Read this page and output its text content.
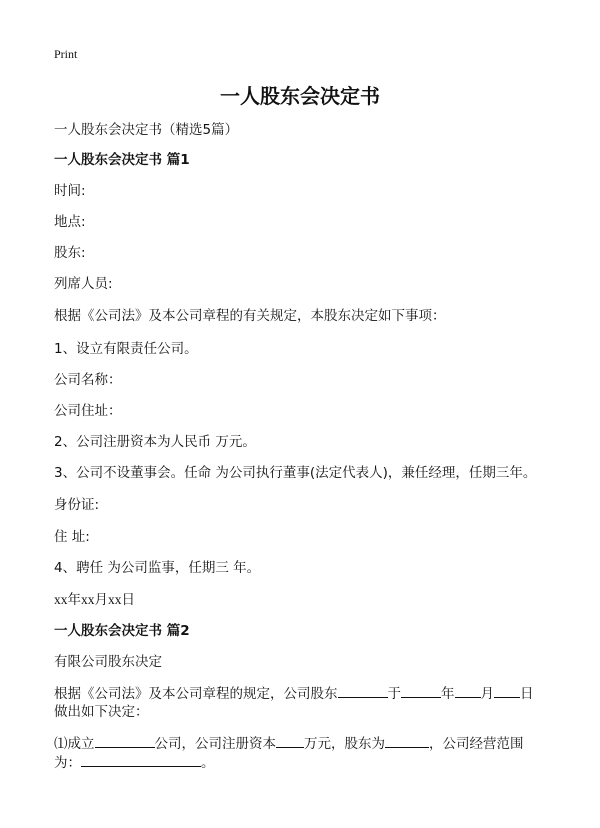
Print
一人股东会决定书
一人股东会决定书（精选5篇）
一人股东会决定书 篇1
时间:
地点:
股东:
列席人员:
根据《公司法》及本公司章程的有关规定，本股东决定如下事项：
1、设立有限责任公司。
公司名称：
公司住址：
2、公司注册资本为人民币 万元。
3、公司不设董事会。任命 为公司执行董事(法定代表人)，兼任经理，任期三年。
身份证:
住 址:
4、聘任 为公司监事，任期三 年。
xx年xx月xx日
一人股东会决定书 篇2
有限公司股东决定
根据《公司法》及本公司章程的规定，公司股东	于	年 月 日
做出如下决定：
⑴成立	公司，公司注册资本 万元，股东为	，公司经营范围
为：	。
